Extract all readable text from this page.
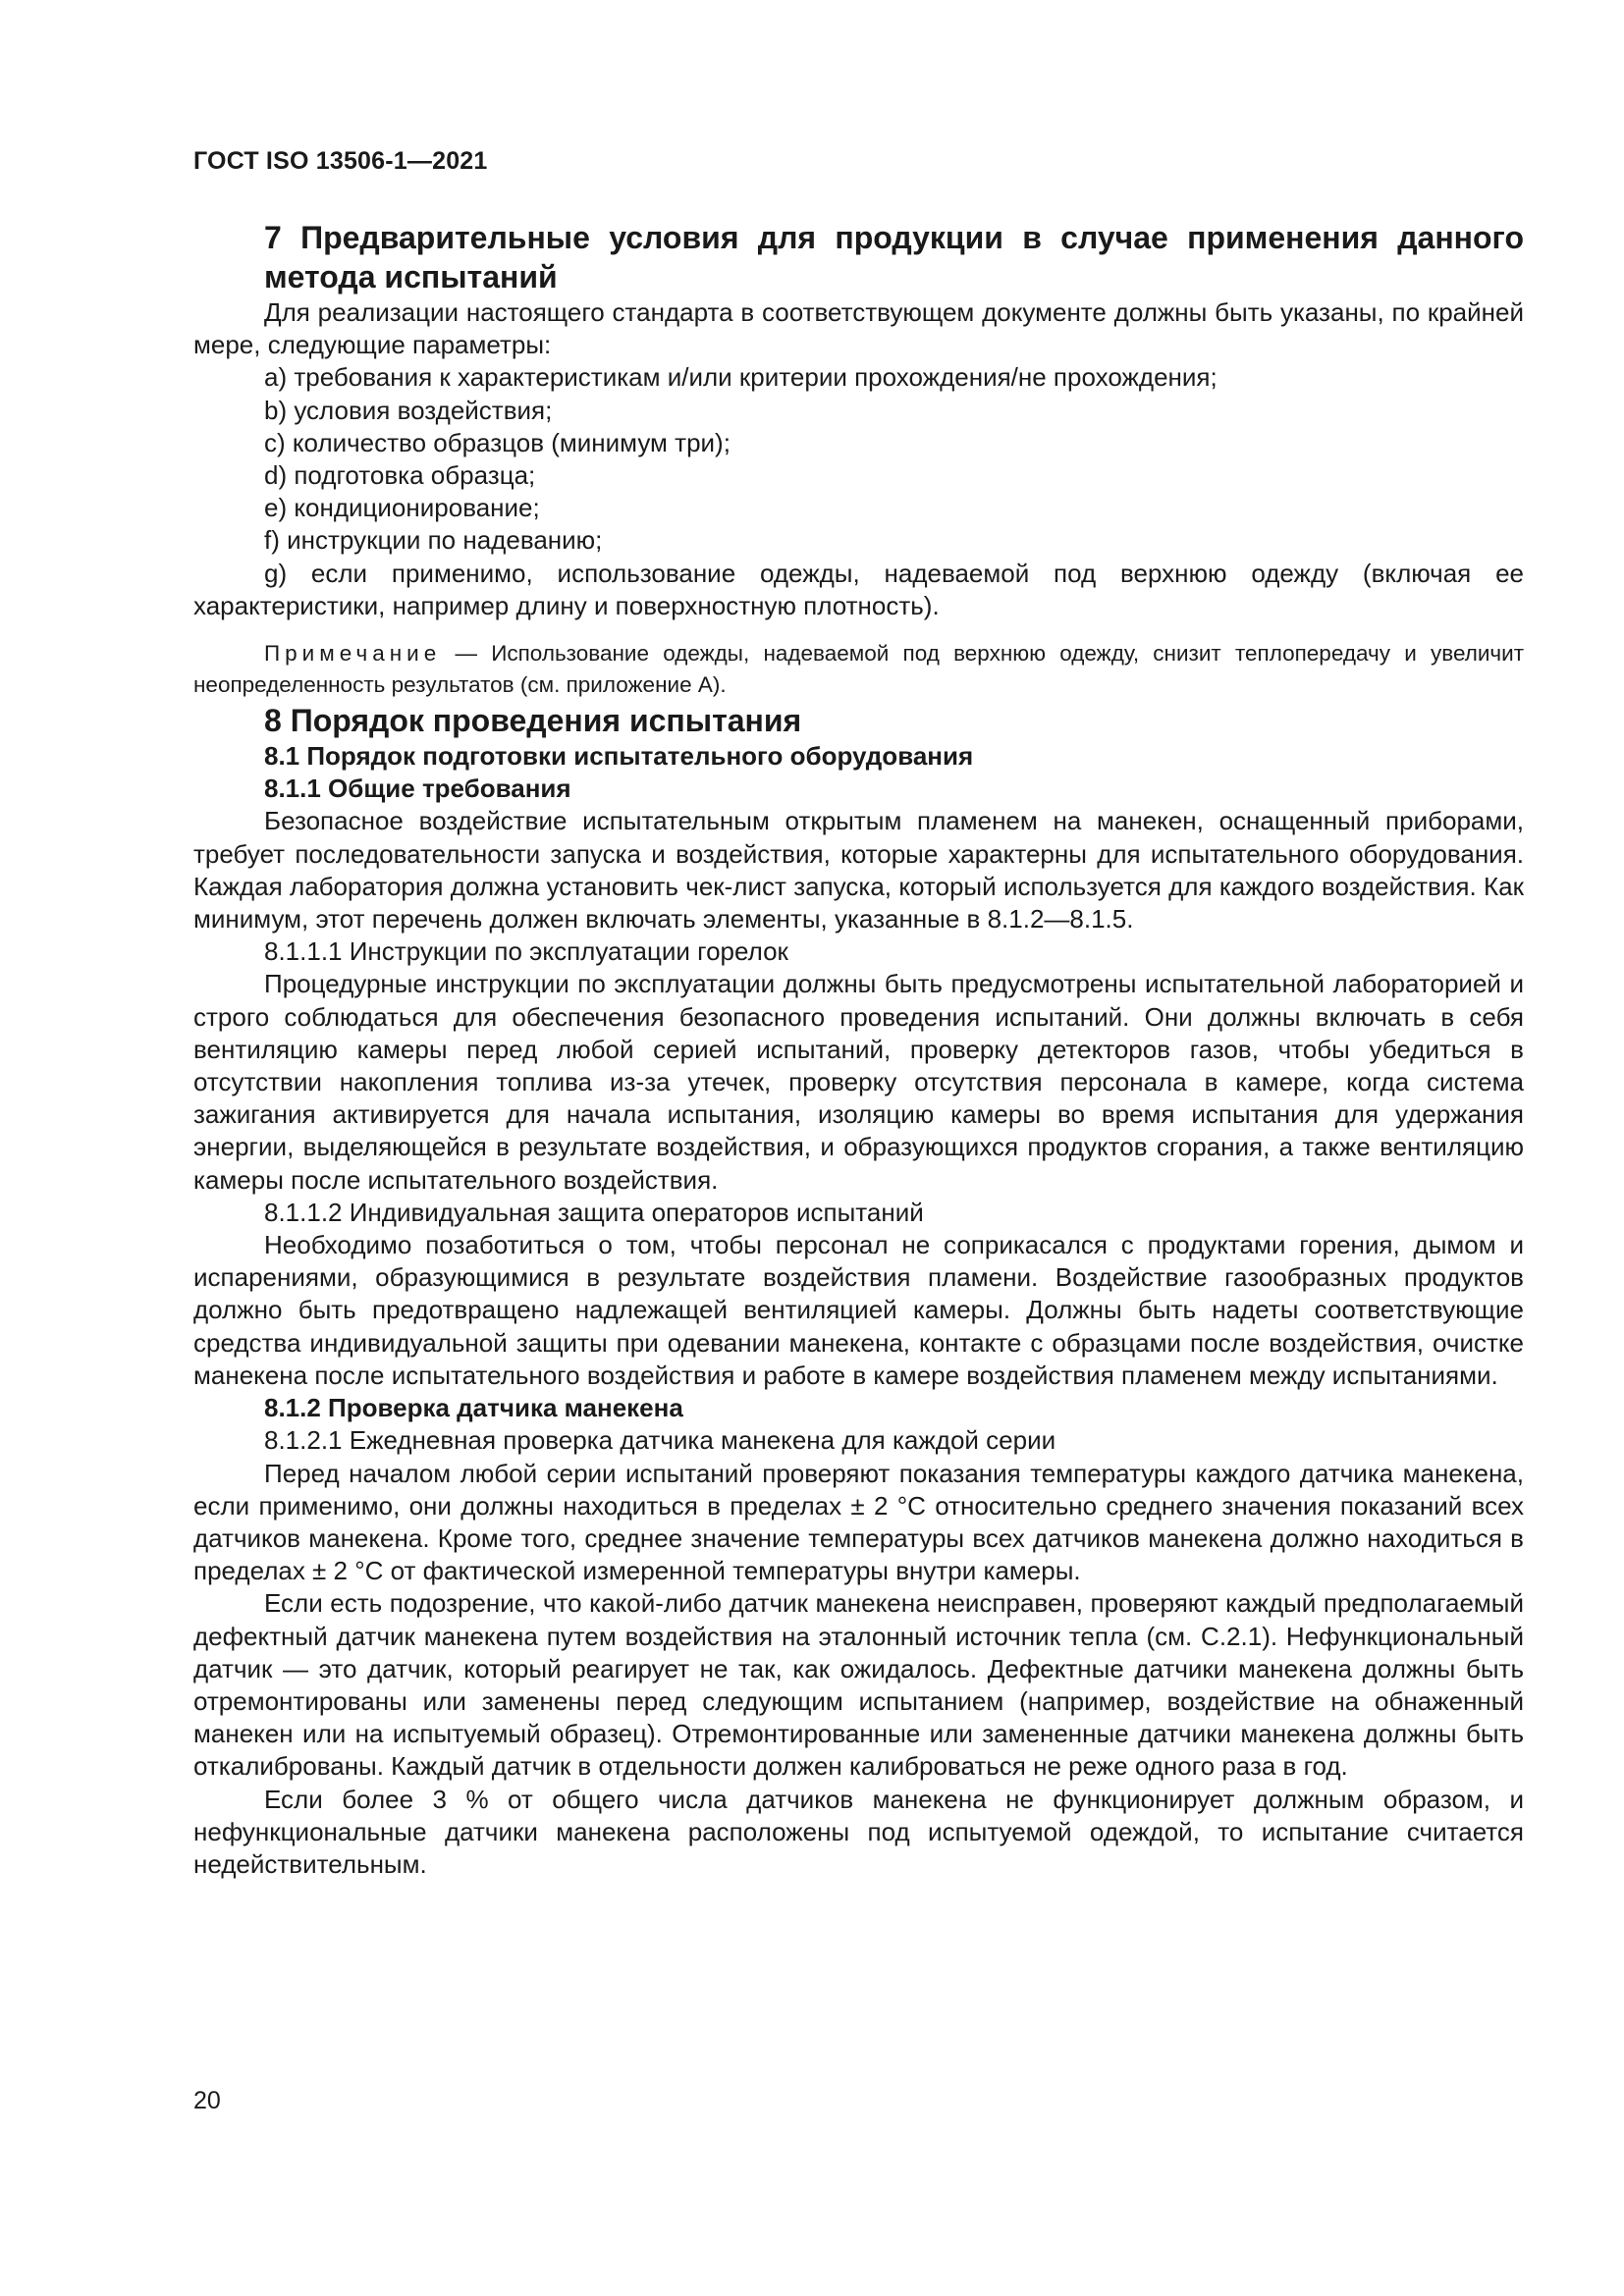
ГОСТ ISO 13506-1—2021

7 Предварительные условия для продукции в случае применения данного метода испытаний

Для реализации настоящего стандарта в соответствующем документе должны быть указаны, по крайней мере, следующие параметры:

a) требования к характеристикам и/или критерии прохождения/не прохождения;

b) условия воздействия;

c) количество образцов (минимум три);

d) подготовка образца;

e) кондиционирование;

f) инструкции по надеванию;

g) если применимо, использование одежды, надеваемой под верхнюю одежду (включая ее характеристики, например длину и поверхностную плотность).

Примечание — Использование одежды, надеваемой под верхнюю одежду, снизит теплопередачу и увеличит неопределенность результатов (см. приложение А).

8 Порядок проведения испытания

8.1 Порядок подготовки испытательного оборудования

8.1.1 Общие требования

Безопасное воздействие испытательным открытым пламенем на манекен, оснащенный приборами, требует последовательности запуска и воздействия, которые характерны для испытательного оборудования. Каждая лаборатория должна установить чек-лист запуска, который используется для каждого воздействия. Как минимум, этот перечень должен включать элементы, указанные в 8.1.2—8.1.5.

8.1.1.1 Инструкции по эксплуатации горелок

Процедурные инструкции по эксплуатации должны быть предусмотрены испытательной лабораторией и строго соблюдаться для обеспечения безопасного проведения испытаний. Они должны включать в себя вентиляцию камеры перед любой серией испытаний, проверку детекторов газов, чтобы убедиться в отсутствии накопления топлива из-за утечек, проверку отсутствия персонала в камере, когда система зажигания активируется для начала испытания, изоляцию камеры во время испытания для удержания энергии, выделяющейся в результате воздействия, и образующихся продуктов сгорания, а также вентиляцию камеры после испытательного воздействия.

8.1.1.2 Индивидуальная защита операторов испытаний

Необходимо позаботиться о том, чтобы персонал не соприкасался с продуктами горения, дымом и испарениями, образующимися в результате воздействия пламени. Воздействие газообразных продуктов должно быть предотвращено надлежащей вентиляцией камеры. Должны быть надеты соответствующие средства индивидуальной защиты при одевании манекена, контакте с образцами после воздействия, очистке манекена после испытательного воздействия и работе в камере воздействия пламенем между испытаниями.

8.1.2 Проверка датчика манекена

8.1.2.1 Ежедневная проверка датчика манекена для каждой серии

Перед началом любой серии испытаний проверяют показания температуры каждого датчика манекена, если применимо, они должны находиться в пределах ± 2 °C относительно среднего значения показаний всех датчиков манекена. Кроме того, среднее значение температуры всех датчиков манекена должно находиться в пределах ± 2 °C от фактической измеренной температуры внутри камеры.

Если есть подозрение, что какой-либо датчик манекена неисправен, проверяют каждый предполагаемый дефектный датчик манекена путем воздействия на эталонный источник тепла (см. С.2.1). Нефункциональный датчик — это датчик, который реагирует не так, как ожидалось. Дефектные датчики манекена должны быть отремонтированы или заменены перед следующим испытанием (например, воздействие на обнаженный манекен или на испытуемый образец). Отремонтированные или замененные датчики манекена должны быть откалиброваны. Каждый датчик в отдельности должен калиброваться не реже одного раза в год.

Если более 3 % от общего числа датчиков манекена не функционирует должным образом, и нефункциональные датчики манекена расположены под испытуемой одеждой, то испытание считается недействительным.

20
